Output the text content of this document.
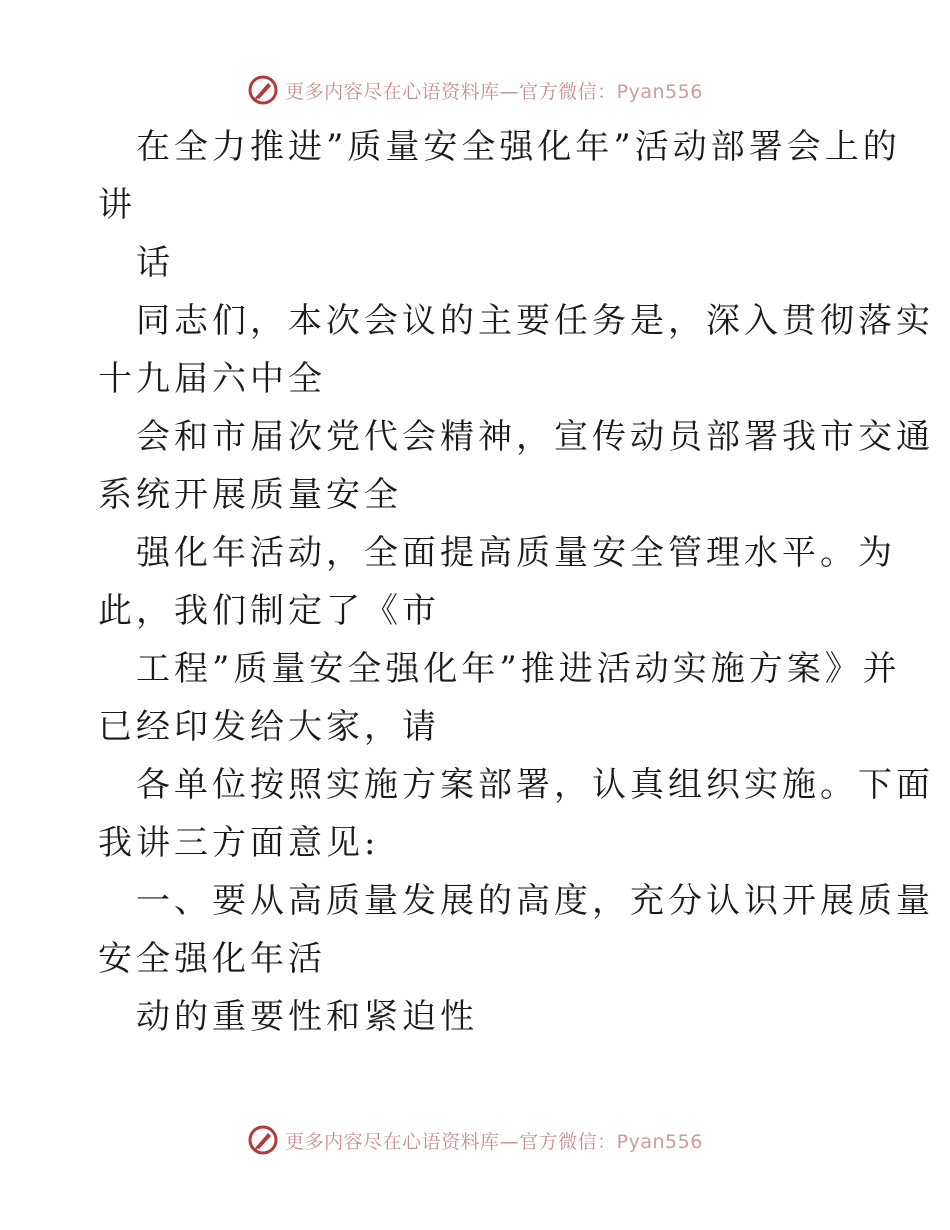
更多内容尽在心语资料库—官方微信：Pyan556
在全力推进”质量安全强化年”活动部署会上的
讲
话
同志们，本次会议的主要任务是，深入贯彻落实
十九届六中全
会和市届次党代会精神，宣传动员部署我市交通
系统开展质量安全
强化年活动，全面提高质量安全管理水平。为
此，我们制定了《市
工程”质量安全强化年”推进活动实施方案》并
已经印发给大家，请
各单位按照实施方案部署，认真组织实施。下面
我讲三方面意见:
一、要从高质量发展的高度，充分认识开展质量
安全强化年活
动的重要性和紧迫性
更多内容尽在心语资料库—官方微信：Pyan556
